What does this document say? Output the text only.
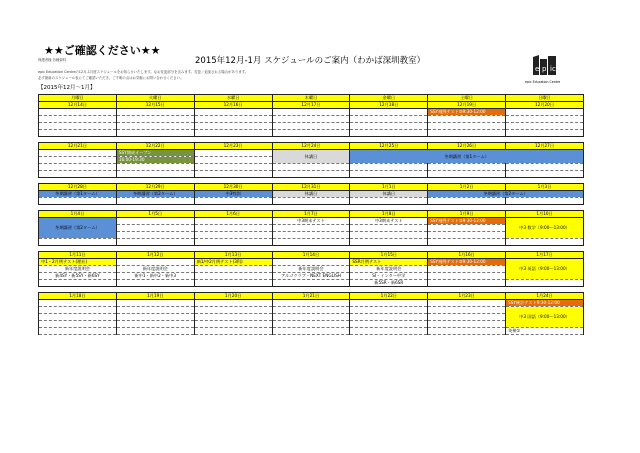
★★ご確認ください★★
保護者様 各種資料	2015年12月-1月 スケジュールのご案内（わかば深圳教室）
epic Education Centreの12月-1月度スケジュールをお知らせいたします。なお変更部分を含みます。変更／追加される場合があります。
必ず最新のスケジュール表にてご確認いただき、ご不明の点はお気軽にお問い合わせください。
【2015年12月～1月】
e p ic
epic Education Centre
月曜日	火曜日	水曜日	木曜日	金曜日	土曜日	日曜日
12月14日	12月15日	12月16日	12月17日	12月18日	12月19日	12月20日
					SSY週例テスト③9:30-12:00	

12月21日	12月22日	12月23日	12月24日	12月25日	12月26日	12月27日
	SSY開成オープン		休講日	冬期講習（第1ターム）		
	16:00-19:30					

12月28日	12月29日	12月30日	12月31日	1月1日	1月2日	1月3日
冬期講習（第1ターム）	冬期講習（第2ターム）	中3特訓	休講日	休講日	冬期講習（第2ターム）	

1月4日	1月5日	1月6日	1月7日	1月8日	1月9日	1月10日
冬期講習（第2ターム）			中3期末テスト	中3期末テスト	SSY週例テスト③9:30-12:00	中3 数学（9:00～13:00）

1月11日	1月12日	1月13日	1月14日	1月15日	1月16日	1月17日
中1・2月例テスト(理社)		新1/中2月例テスト(3科)		SSR月例テスト	SSY週例テスト③9:30-12:00	中3 英語（9:00～13:00）
新年度説明会	新年度説明会		新年度説明会	新年度説明会		
新4SY・新5SY・新6SY	新中1・新中2・新中3		アルゴクラブ・NEXT ENGLISH	SI・インター中学		
				新5SR・新6SR		

1月18日	1月19日	1月20日	1月21日	1月22日	1月23日	1月24日
						SSY統計テスト9:30-12:00
						中3 国語（9:00～13:00）

						英検①
